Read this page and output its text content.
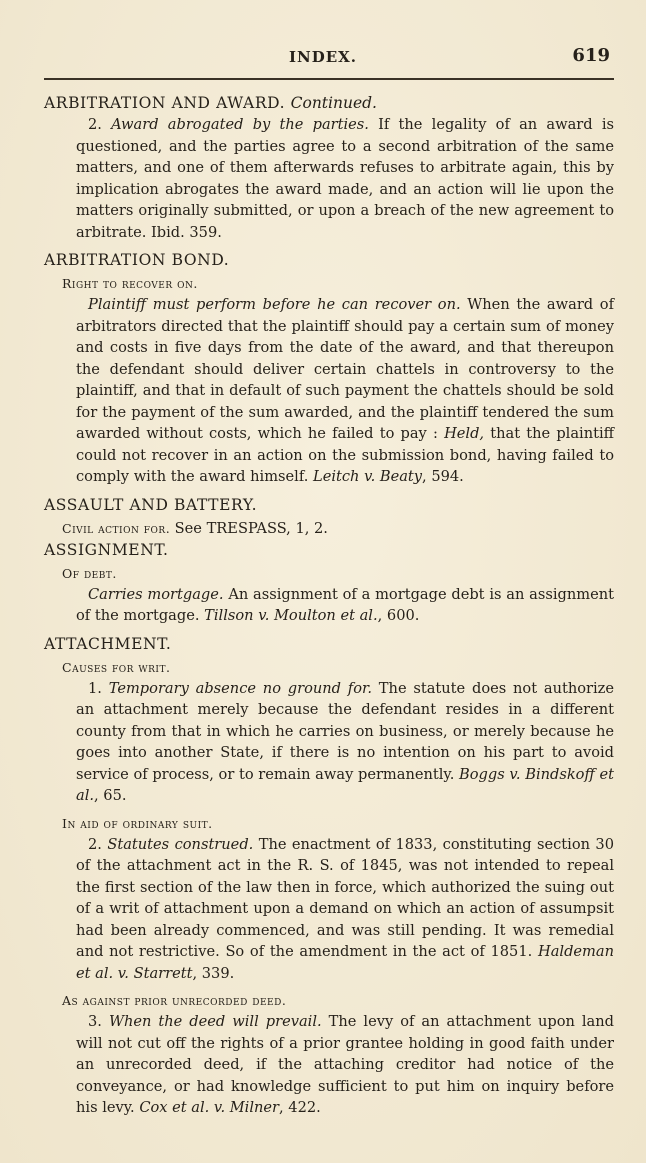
INDEX.	619

ARBITRATION AND AWARD. Continued.

2. Award abrogated by the parties. If the legality of an award is questioned, and the parties agree to a second arbitration of the same matters, and one of them afterwards refuses to arbitrate again, this by implication abrogates the award made, and an action will lie upon the matters originally submitted, or upon a breach of the new agreement to arbitrate. Ibid. 359.

ARBITRATION BOND.

Right to recover on.

Plaintiff must perform before he can recover on. When the award of arbitrators directed that the plaintiff should pay a certain sum of money and costs in five days from the date of the award, and that thereupon the defendant should deliver certain chattels in controversy to the plaintiff, and that in default of such payment the chattels should be sold for the payment of the sum awarded, and the plaintiff tendered the sum awarded without costs, which he failed to pay : Held, that the plaintiff could not recover in an action on the submission bond, having failed to comply with the award himself. Leitch v. Beaty, 594.

ASSAULT AND BATTERY.

Civil action for. See TRESPASS, 1, 2.

ASSIGNMENT.

Of debt.

Carries mortgage. An assignment of a mortgage debt is an assignment of the mortgage. Tillson v. Moulton et al., 600.

ATTACHMENT.

Causes for writ.

1. Temporary absence no ground for. The statute does not authorize an attachment merely because the defendant resides in a different county from that in which he carries on business, or merely because he goes into another State, if there is no intention on his part to avoid service of process, or to remain away permanently. Boggs v. Bindskoff et al., 65.

In aid of ordinary suit.

2. Statutes construed. The enactment of 1833, constituting section 30 of the attachment act in the R. S. of 1845, was not intended to repeal the first section of the law then in force, which authorized the suing out of a writ of attachment upon a demand on which an action of assumpsit had been already commenced, and was still pending. It was remedial and not restrictive. So of the amendment in the act of 1851. Haldeman et al. v. Starrett, 339.

As against prior unrecorded deed.

3. When the deed will prevail. The levy of an attachment upon land will not cut off the rights of a prior grantee holding in good faith under an unrecorded deed, if the attaching creditor had notice of the conveyance, or had knowledge sufficient to put him on inquiry before his levy. Cox et al. v. Milner, 422.
